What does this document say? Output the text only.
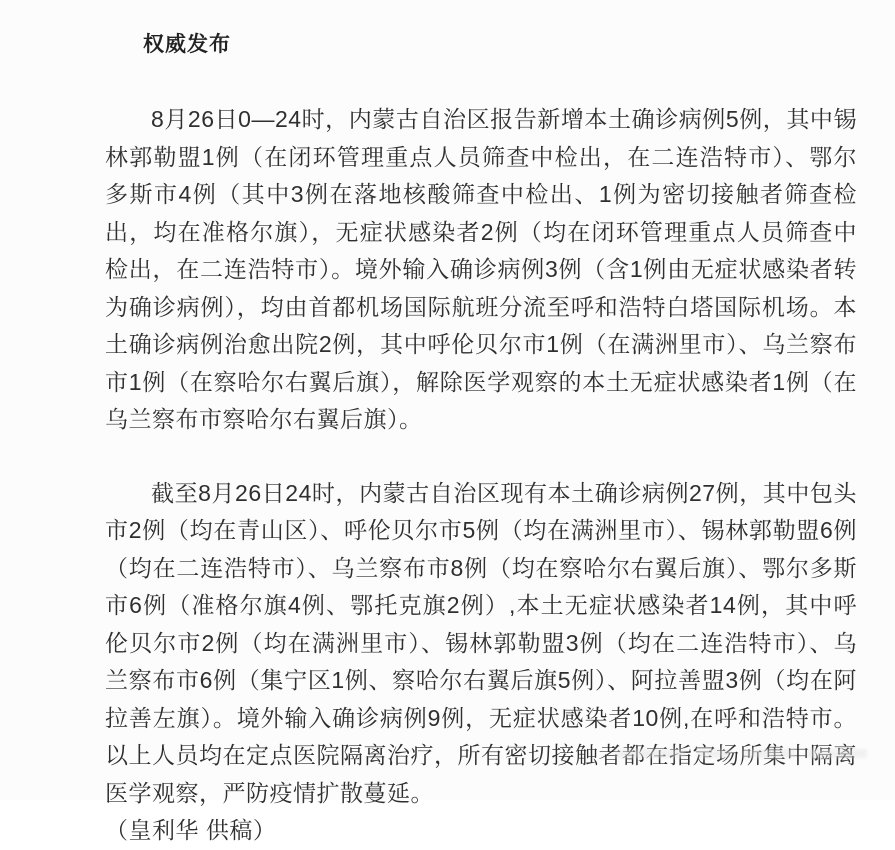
权威发布

8月26日0—24时，内蒙古自治区报告新增本土确诊病例5例，其中锡林郭勒盟1例（在闭环管理重点人员筛查中检出，在二连浩特市）、鄂尔多斯市4例（其中3例在落地核酸筛查中检出、1例为密切接触者筛查检出，均在准格尔旗），无症状感染者2例（均在闭环管理重点人员筛查中检出，在二连浩特市）。境外输入确诊病例3例（含1例由无症状感染者转为确诊病例），均由首都机场国际航班分流至呼和浩特白塔国际机场。本土确诊病例治愈出院2例，其中呼伦贝尔市1例（在满洲里市）、乌兰察布市1例（在察哈尔右翼后旗），解除医学观察的本土无症状感染者1例（在乌兰察布市察哈尔右翼后旗）。

截至8月26日24时，内蒙古自治区现有本土确诊病例27例，其中包头市2例（均在青山区）、呼伦贝尔市5例（均在满洲里市）、锡林郭勒盟6例（均在二连浩特市）、乌兰察布市8例（均在察哈尔右翼后旗）、鄂尔多斯市6例（准格尔旗4例、鄂托克旗2例）,本土无症状感染者14例，其中呼伦贝尔市2例（均在满洲里市）、锡林郭勒盟3例（均在二连浩特市）、乌兰察布市6例（集宁区1例、察哈尔右翼后旗5例）、阿拉善盟3例（均在阿拉善左旗）。境外输入确诊病例9例，无症状感染者10例,在呼和浩特市。以上人员均在定点医院隔离治疗，所有密切接触者都在指定场所集中隔离医学观察，严防疫情扩散蔓延。

（皇利华 供稿）
